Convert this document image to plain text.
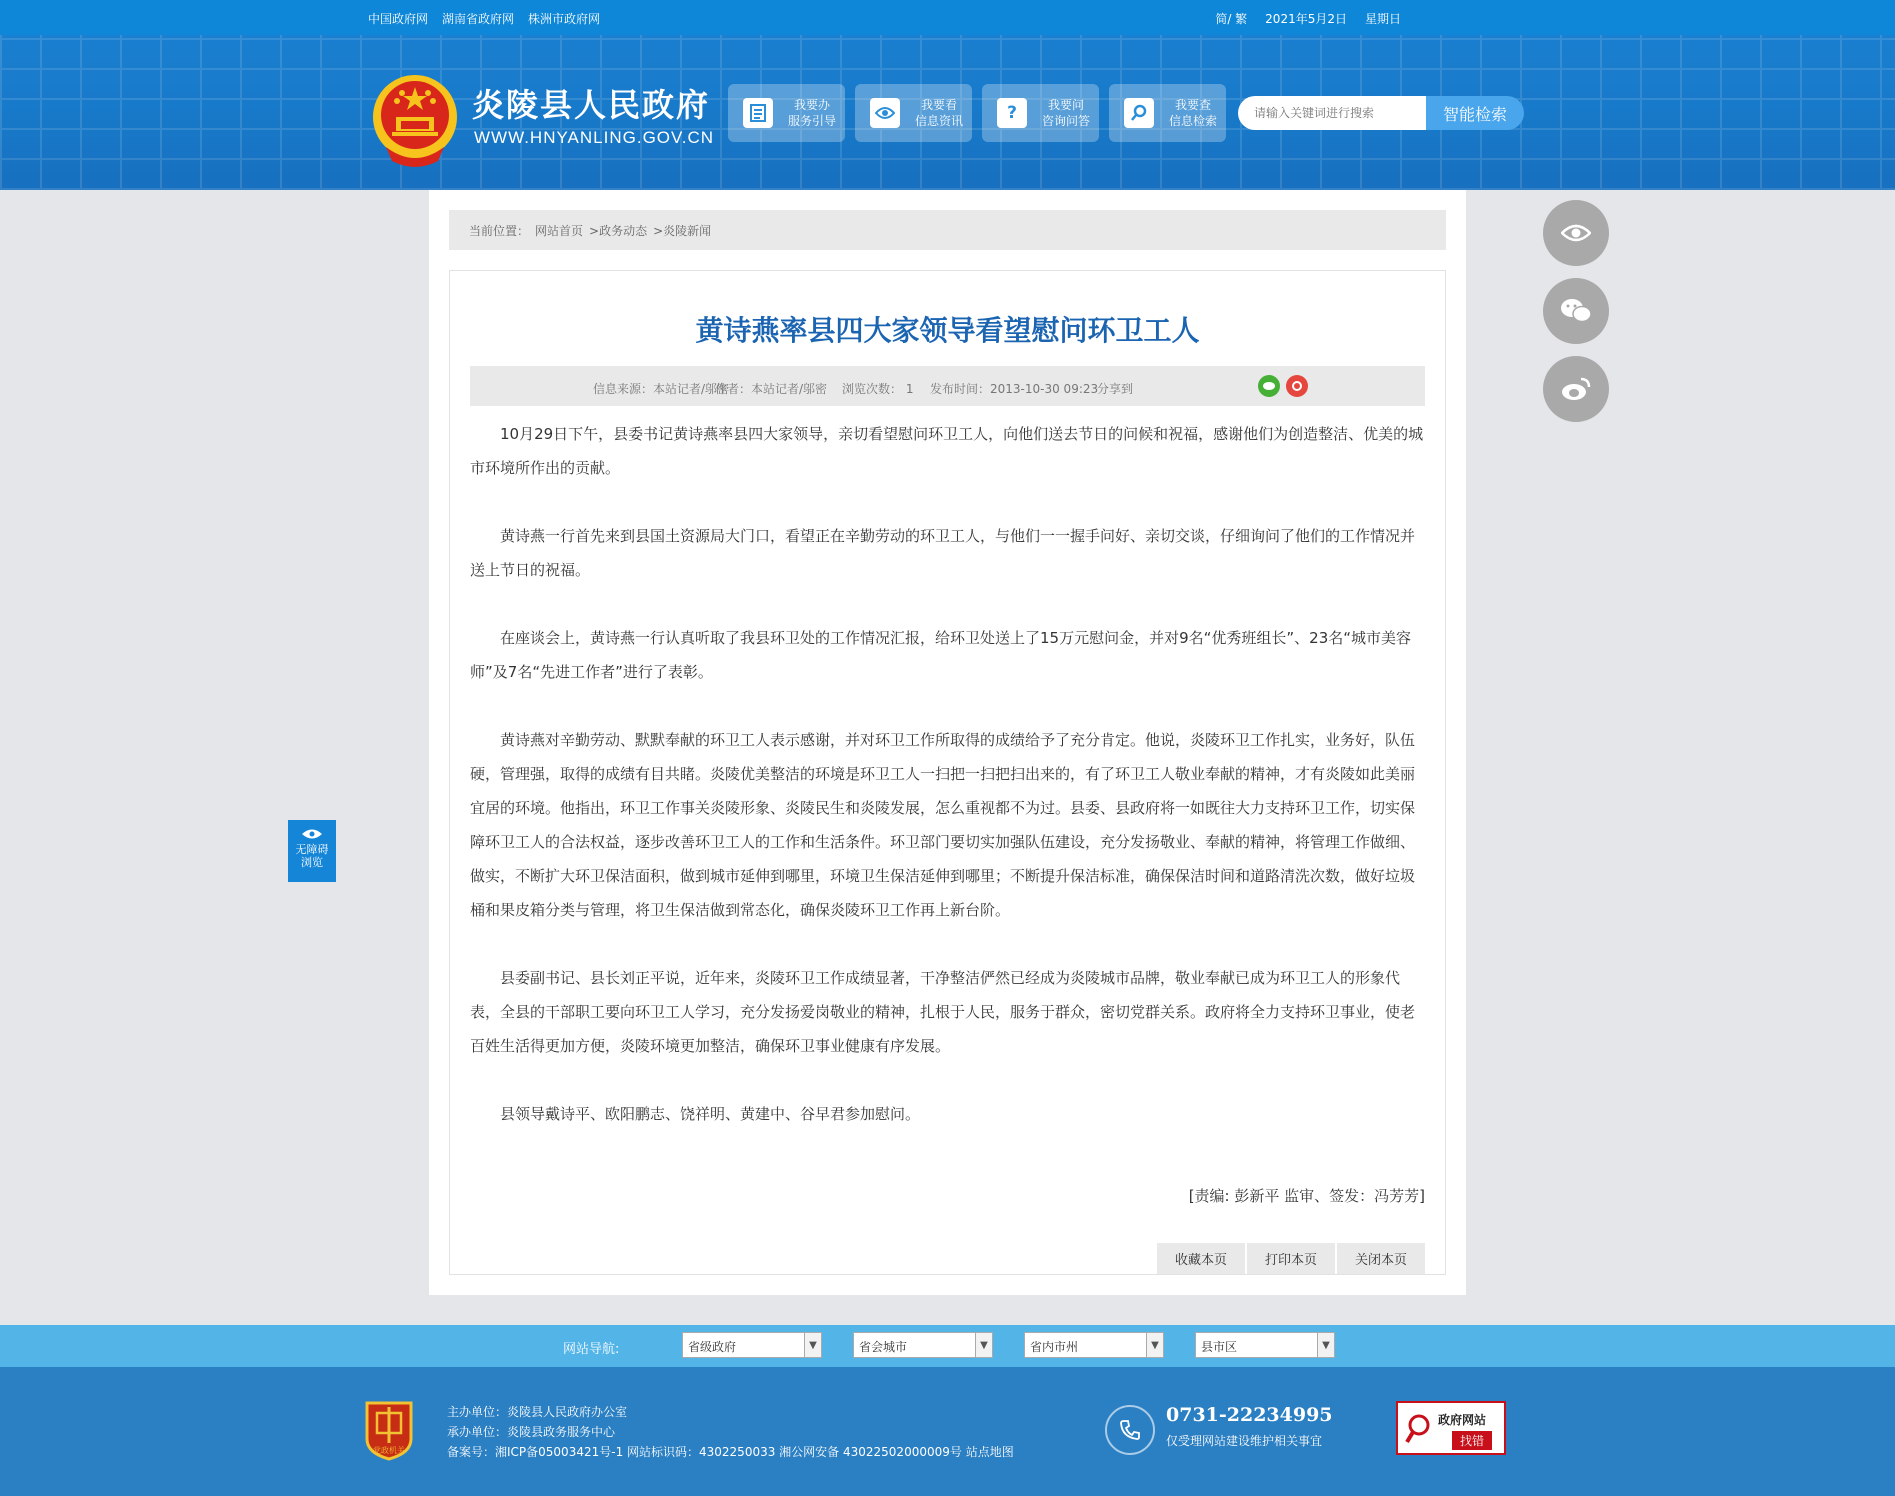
中国政府网 湖南省政府网 株洲市政府网	简/ 繁 2021年5月2日 星期日
炎陵县人民政府
WWW.HNYANLING.GOV.CN
我要办
服务引导
我要看
信息资讯	?	我要问
咨询问答
我要查
信息检索
请输入关键词进行搜索	智能检索
当前位置： 网站首页 >政务动态 >炎陵新闻
黄诗燕率县四大家领导看望慰问环卫工人
信息来源：本站记者/邬密
作者：本站记者/邬密 浏览次数： 1 发布时间：2013-10-30 09:23
分享到

10月29日下午，县委书记黄诗燕率县四大家领导，亲切看望慰问环卫工人，向他们送去节日的问候和祝福，感谢他们为创造整洁、优美的城市环境所作出的贡献。

黄诗燕一行首先来到县国土资源局大门口，看望正在辛勤劳动的环卫工人，与他们一一握手问好、亲切交谈，仔细询问了他们的工作情况并送上节日的祝福。

在座谈会上，黄诗燕一行认真听取了我县环卫处的工作情况汇报，给环卫处送上了15万元慰问金，并对9名“优秀班组长”、23名“城市美容师”及7名“先进工作者”进行了表彰。

黄诗燕对辛勤劳动、默默奉献的环卫工人表示感谢，并对环卫工作所取得的成绩给予了充分肯定。他说，炎陵环卫工作扎实，业务好，队伍硬，管理强，取得的成绩有目共睹。炎陵优美整洁的环境是环卫工人一扫把一扫把扫出来的，有了环卫工人敬业奉献的精神，才有炎陵如此美丽宜居的环境。他指出，环卫工作事关炎陵形象、炎陵民生和炎陵发展，怎么重视都不为过。县委、县政府将一如既往大力支持环卫工作，切实保障环卫工人的合法权益，逐步改善环卫工人的工作和生活条件。环卫部门要切实加强队伍建设，充分发扬敬业、奉献的精神，将管理工作做细、做实，不断扩大环卫保洁面积，做到城市延伸到哪里，环境卫生保洁延伸到哪里；不断提升保洁标准，确保保洁时间和道路清洗次数，做好垃圾桶和果皮箱分类与管理，将卫生保洁做到常态化，确保炎陵环卫工作再上新台阶。

县委副书记、县长刘正平说，近年来，炎陵环卫工作成绩显著，干净整洁俨然已经成为炎陵城市品牌，敬业奉献已成为环卫工人的形象代表，全县的干部职工要向环卫工人学习，充分发扬爱岗敬业的精神，扎根于人民，服务于群众，密切党群关系。政府将全力支持环卫事业，使老百姓生活得更加方便，炎陵环境更加整洁，确保环卫事业健康有序发展。

县领导戴诗平、欧阳鹏志、饶祥明、黄建中、谷早君参加慰问。

[责编: 彭新平 监审、签发：冯芳芳]
收藏本页	打印本页	关闭本页
无障碍
浏览
网站导航:	省级政府	▼	省会城市	▼	省内市州	▼	县市区	▼
党政机关
主办单位：炎陵县人民政府办公室
承办单位：炎陵县政务服务中心
备案号：湘ICP备05003421号-1 网站标识码：4302250033 湘公网安备 43022502000009号 站点地图
0731-22234995
仅受理网站建设维护相关事宜
政府网站
找错
